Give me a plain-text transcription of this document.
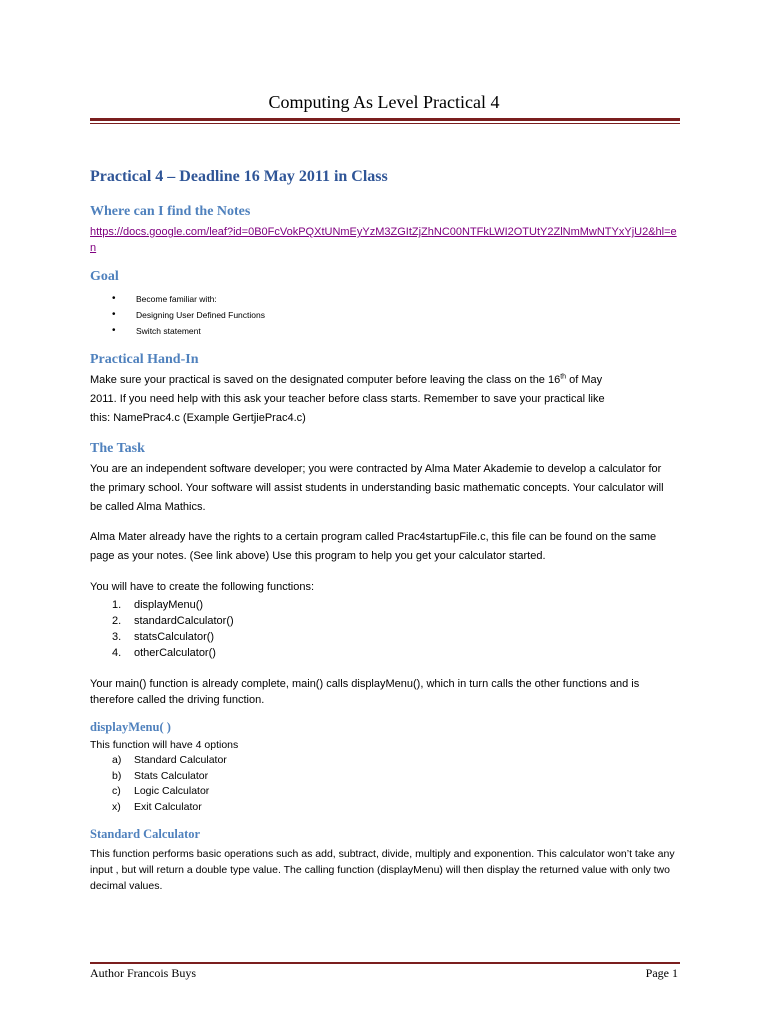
Computing As Level Practical 4
Practical 4 – Deadline 16 May 2011 in Class
Where can I find the Notes
https://docs.google.com/leaf?id=0B0FcVokPQXtUNmEyYzM3ZGItZjZhNC00NTFkLWI2OTUtY2ZlNmMwNTYxYjU2&hl=en
Goal
• Become familiar with:
• Designing User Defined Functions
• Switch statement
Practical Hand-In
Make sure your practical is saved on the designated computer before leaving the class on the 16th of May
2011. If you need help with this ask your teacher before class starts. Remember to save your practical like
this: NamePrac4.c (Example GertjiePrac4.c)
The Task
You are an independent software developer; you were contracted by Alma Mater Akademie to develop a calculator for the primary school. Your software will assist students in understanding basic mathematic concepts. Your calculator will be called Alma Mathics.
Alma Mater already have the rights to a certain program called Prac4startupFile.c, this file can be found on the same page as your notes. (See link above) Use this program to help you get your calculator started.
You will have to create the following functions:
1. displayMenu()
2. standardCalculator()
3. statsCalculator()
4. otherCalculator()
Your main() function is already complete, main() calls displayMenu(), which in turn calls the other functions and is therefore called the driving function.
displayMenu( )
This function will have 4 options
a) Standard Calculator
b) Stats Calculator
c) Logic Calculator
x) Exit Calculator
Standard Calculator
This function performs basic operations such as add, subtract, divide, multiply and exponention. This calculator won’t take any input , but will return a double type value. The calling function (displayMenu) will then display the returned value with only two decimal values.
Author Francois Buys	Page 1
